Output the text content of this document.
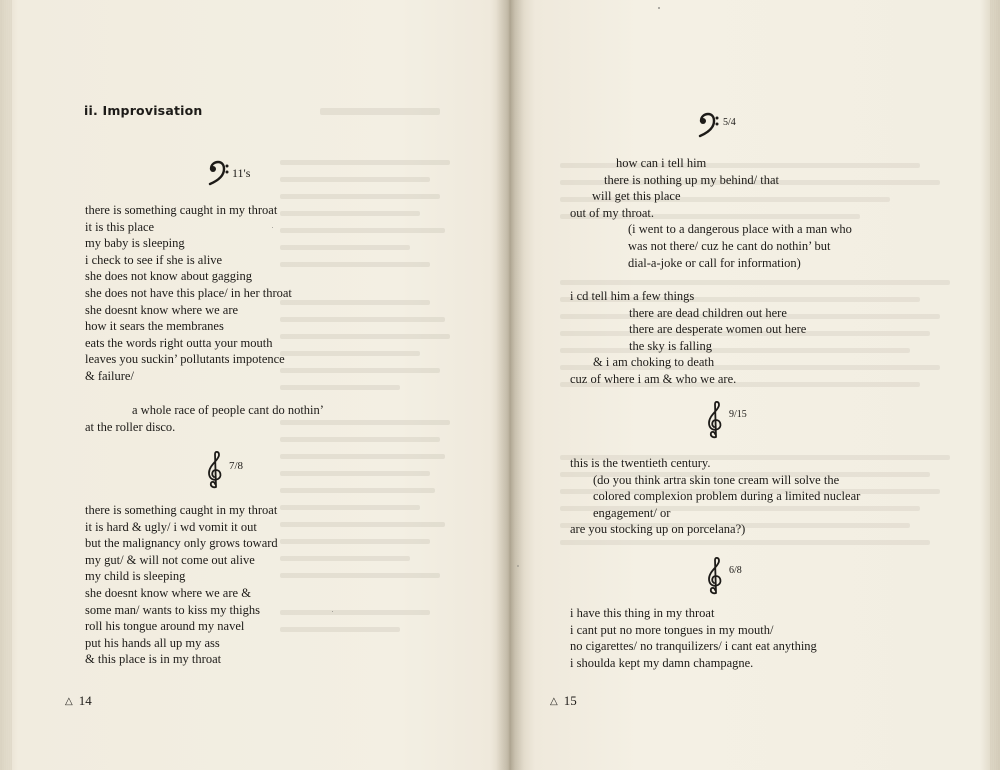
ii. Improvisation
11's
there is something caught in my throat
it is this place
my baby is sleeping
i check to see if she is alive
she does not know about gagging
she does not have this place/ in her throat
she doesnt know where we are
how it sears the membranes
eats the words right outta your mouth
leaves you suckin’ pollutants impotence
& failure/
a whole race of people cant do nothin’
at the roller disco.
7/8
there is something caught in my throat
it is hard & ugly/ i wd vomit it out
but the malignancy only grows toward
my gut/ & will not come out alive
my child is sleeping
she doesnt know where we are &
some man/ wants to kiss my thighs
roll his tongue around my navel
put his hands all up my ass
& this place is in my throat
△ 14
5/4
how can i tell him
there is nothing up my behind/ that
will get this place
out of my throat.
(i went to a dangerous place with a man who
was not there/ cuz he cant do nothin’ but
dial-a-joke or call for information)
i cd tell him a few things
there are dead children out here
there are desperate women out here
the sky is falling
& i am choking to death
cuz of where i am & who we are.
9/15
this is the twentieth century.
(do you think artra skin tone cream will solve the
colored complexion problem during a limited nuclear
engagement/ or
are you stocking up on porcelana?)
6/8
i have this thing in my throat
i cant put no more tongues in my mouth/
no cigarettes/ no tranquilizers/ i cant eat anything
i shoulda kept my damn champagne.
△ 15
